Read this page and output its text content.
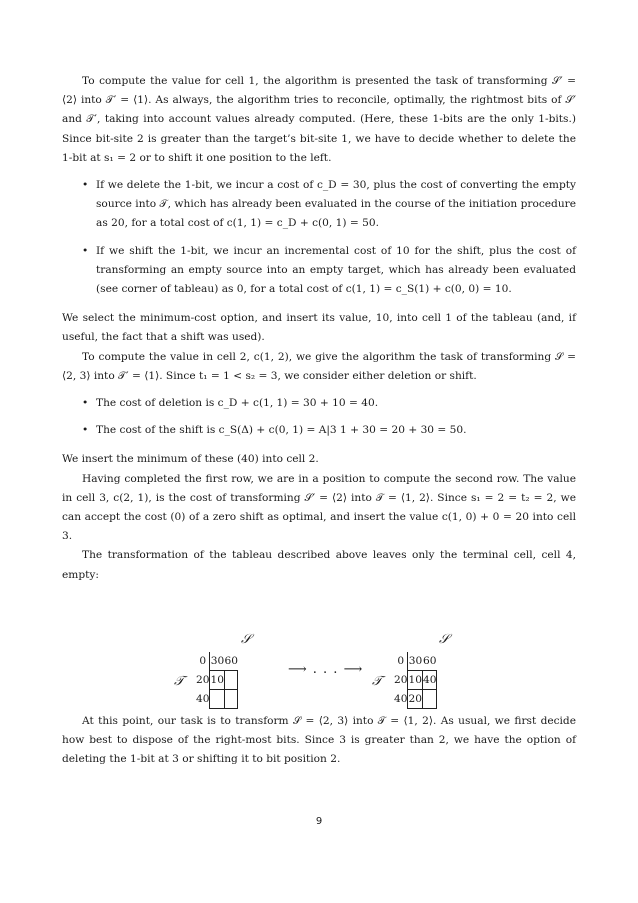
To compute the value for cell 1, the algorithm is presented the task of transforming 𝒮′ = ⟨2⟩ into 𝒯′ = ⟨1⟩. As always, the algorithm tries to reconcile, optimally, the rightmost bits of 𝒮′ and 𝒯′, taking into account values already computed. (Here, these 1-bits are the only 1-bits.) Since bit-site 2 is greater than the target’s bit-site 1, we have to decide whether to delete the 1-bit at s₁ = 2 or to shift it one position to the left.

• If we delete the 1-bit, we incur a cost of c_D = 30, plus the cost of converting the empty source into 𝒯, which has already been evaluated in the course of the initiation procedure as 20, for a total cost of c(1, 1) = c_D + c(0, 1) = 50.
• If we shift the 1-bit, we incur an incremental cost of 10 for the shift, plus the cost of transforming an empty source into an empty target, which has already been evaluated (see corner of tableau) as 0, for a total cost of c(1, 1) = c_S(1) + c(0, 0) = 10.

We select the minimum-cost option, and insert its value, 10, into cell 1 of the tableau (and, if useful, the fact that a shift was used).

To compute the value in cell 2, c(1, 2), we give the algorithm the task of transforming 𝒮 = ⟨2, 3⟩ into 𝒯′ = ⟨1⟩. Since t₁ = 1 < s₂ = 3, we consider either deletion or shift.

• The cost of deletion is c_D + c(1, 1) = 30 + 10 = 40.
• The cost of the shift is c_S(Δ) + c(0, 1) = A|3 1 + 30 = 20 + 30 = 50.

We insert the minimum of these (40) into cell 2.

Having completed the first row, we are in a position to compute the second row. The value in cell 3, c(2, 1), is the cost of transforming 𝒮′ = ⟨2⟩ into 𝒯 = ⟨1, 2⟩. Since s₁ = 2 = t₂ = 2, we can accept the cost (0) of a zero shift as optimal, and insert the value c(1, 0) + 0 = 20 into cell 3.

The transformation of the tableau described above leaves only the terminal cell, cell 4, empty:

𝒮
𝒯
0	30	60
20	10	
40		
⟶ . . . ⟶
𝒮
𝒯
0	30	60
20	10	40
40	20	

At this point, our task is to transform 𝒮 = ⟨2, 3⟩ into 𝒯 = ⟨1, 2⟩. As usual, we first decide how best to dispose of the right-most bits. Since 3 is greater than 2, we have the option of deleting the 1-bit at 3 or shifting it to bit position 2.

9
